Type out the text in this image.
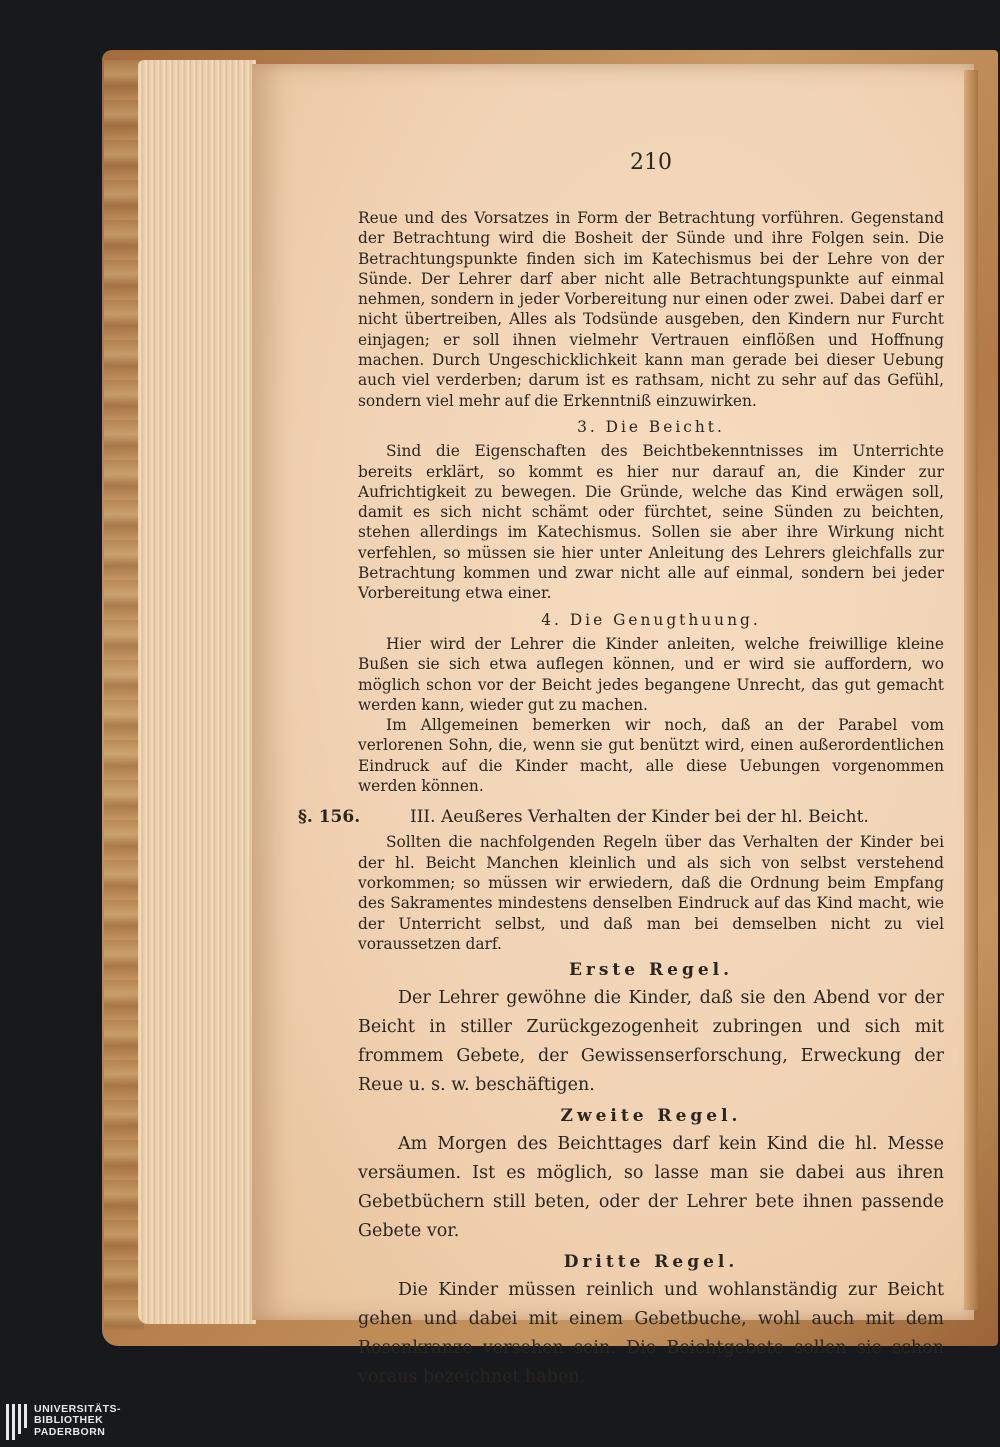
210

Reue und des Vorsatzes in Form der Betrachtung vorführen. Gegenstand der Betrachtung wird die Bosheit der Sünde und ihre Folgen sein. Die Betrachtungspunkte finden sich im Katechismus bei der Lehre von der Sünde. Der Lehrer darf aber nicht alle Betrachtungspunkte auf einmal nehmen, sondern in jeder Vorbereitung nur einen oder zwei. Dabei darf er nicht übertreiben, Alles als Todsünde ausgeben, den Kindern nur Furcht einjagen; er soll ihnen vielmehr Vertrauen einflößen und Hoffnung machen. Durch Ungeschicklichkeit kann man gerade bei dieser Uebung auch viel verderben; darum ist es rathsam, nicht zu sehr auf das Gefühl, sondern viel mehr auf die Erkenntniß einzuwirken.

3. Die Beicht.

Sind die Eigenschaften des Beichtbekenntnisses im Unterrichte bereits erklärt, so kommt es hier nur darauf an, die Kinder zur Aufrichtigkeit zu bewegen. Die Gründe, welche das Kind erwägen soll, damit es sich nicht schämt oder fürchtet, seine Sünden zu beichten, stehen allerdings im Katechismus. Sollen sie aber ihre Wirkung nicht verfehlen, so müssen sie hier unter Anleitung des Lehrers gleichfalls zur Betrachtung kommen und zwar nicht alle auf einmal, sondern bei jeder Vorbereitung etwa einer.

4. Die Genugthuung.

Hier wird der Lehrer die Kinder anleiten, welche freiwillige kleine Bußen sie sich etwa auflegen können, und er wird sie auffordern, wo möglich schon vor der Beicht jedes begangene Unrecht, das gut gemacht werden kann, wieder gut zu machen.

Im Allgemeinen bemerken wir noch, daß an der Parabel vom verlorenen Sohn, die, wenn sie gut benützt wird, einen außerordentlichen Eindruck auf die Kinder macht, alle diese Uebungen vorgenommen werden können.

§. 156.	III. Aeußeres Verhalten der Kinder bei der hl. Beicht.

Sollten die nachfolgenden Regeln über das Verhalten der Kinder bei der hl. Beicht Manchen kleinlich und als sich von selbst verstehend vorkommen; so müssen wir erwiedern, daß die Ordnung beim Empfang des Sakramentes mindestens denselben Eindruck auf das Kind macht, wie der Unterricht selbst, und daß man bei demselben nicht zu viel voraussetzen darf.

Erste Regel.

Der Lehrer gewöhne die Kinder, daß sie den Abend vor der Beicht in stiller Zurückgezogenheit zubringen und sich mit frommem Gebete, der Gewissenserforschung, Erweckung der Reue u. s. w. beschäftigen.

Zweite Regel.

Am Morgen des Beichttages darf kein Kind die hl. Messe versäumen. Ist es möglich, so lasse man sie dabei aus ihren Gebetbüchern still beten, oder der Lehrer bete ihnen passende Gebete vor.

Dritte Regel.

Die Kinder müssen reinlich und wohlanständig zur Beicht gehen und dabei mit einem Gebetbuche, wohl auch mit dem Rosenkranze versehen sein. Die Beichtgebete sollen sie schon voraus bezeichnet haben.

UNIVERSITÄTS-
BIBLIOTHEK
PADERBORN
